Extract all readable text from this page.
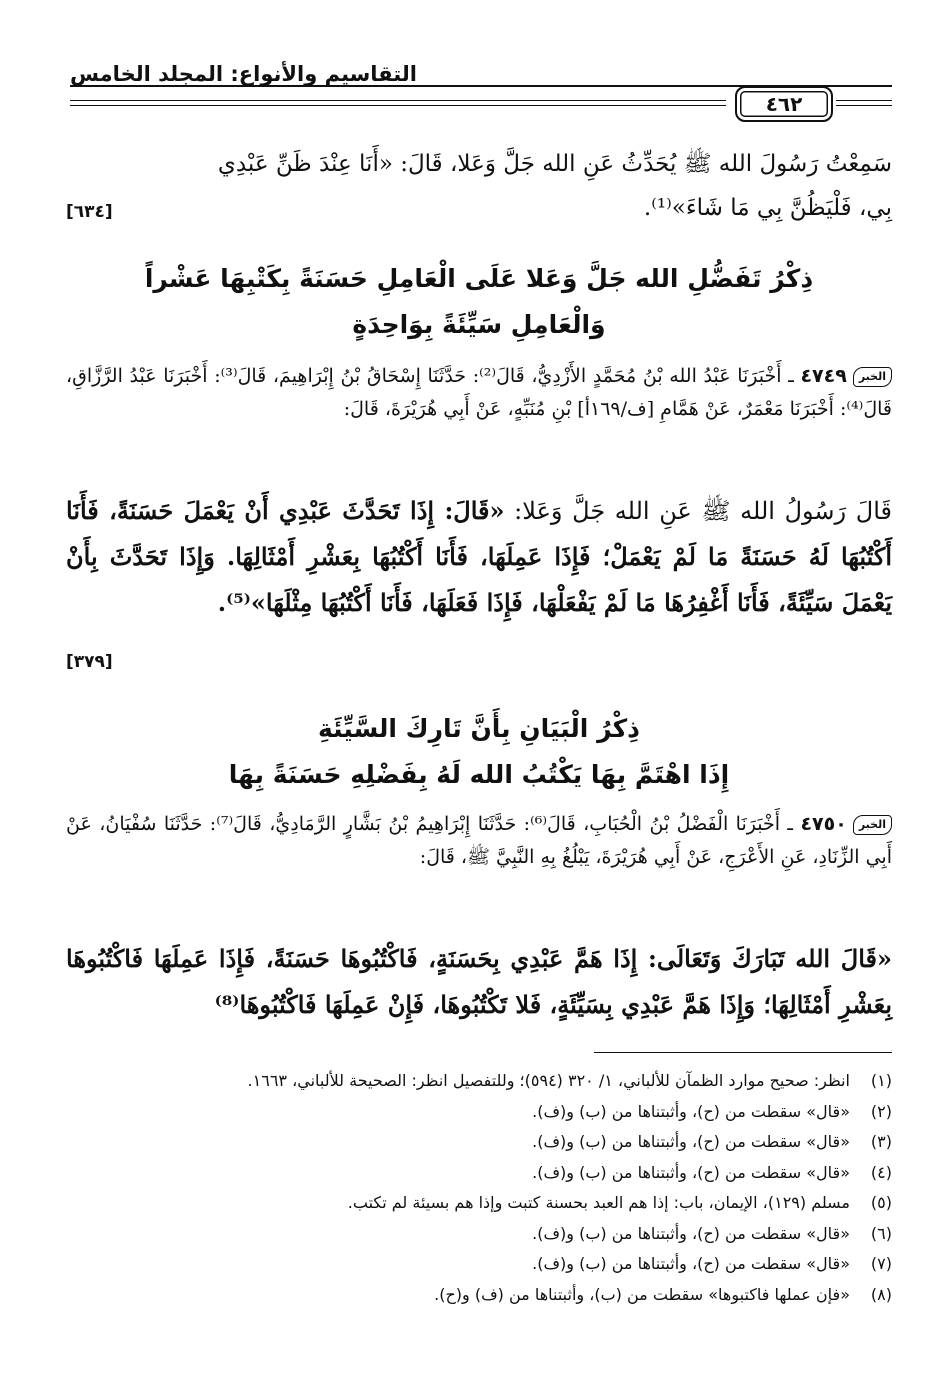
التقاسيم والأنواع: المجلد الخامس
٤٦٢
سَمِعْتُ رَسُولَ الله ﷺ يُحَدِّثُ عَنِ الله جَلَّ وَعَلا، قَالَ: «أَنَا عِنْدَ ظَنِّ عَبْدِي
بِي، فَلْيَظُنَّ بِي مَا شَاءَ»⁽¹⁾.
[٦٣٤]
ذِكْرُ تَفَضُّلِ الله جَلَّ وَعَلا عَلَى الْعَامِلِ حَسَنَةً بِكَتْبِهَا عَشْراً
وَالْعَامِلِ سَيِّئَةً بِوَاحِدَةٍ
الخبر٤٧٤٩ ـ أَخْبَرَنَا عَبْدُ الله بْنُ مُحَمَّدٍ الأَزْدِيُّ، قَالَ⁽²⁾: حَدَّثَنَا إِسْحَاقُ بْنُ إِبْرَاهِيمَ، قَالَ⁽³⁾: أَخْبَرَنَا عَبْدُ الرَّزَّاقِ، قَالَ⁽⁴⁾: أَخْبَرَنَا مَعْمَرٌ، عَنْ هَمَّامِ [ف/١٦٩أ] بْنِ مُنَبِّهٍ، عَنْ أَبِي هُرَيْرَةَ، قَالَ:
قَالَ رَسُولُ الله ﷺ عَنِ الله جَلَّ وَعَلا: «قَالَ: إِذَا تَحَدَّثَ عَبْدِي أَنْ يَعْمَلَ حَسَنَةً، فَأَنَا أَكْتُبُهَا لَهُ حَسَنَةً مَا لَمْ يَعْمَلْ؛ فَإِذَا عَمِلَهَا، فَأَنَا أَكْتُبُهَا بِعَشْرِ أَمْثَالِهَا. وَإِذَا تَحَدَّثَ بِأَنْ يَعْمَلَ سَيِّئَةً، فَأَنَا أَغْفِرُهَا مَا لَمْ يَفْعَلْهَا، فَإِذَا فَعَلَهَا، فَأَنَا أَكْتُبُهَا مِثْلَهَا»⁽⁵⁾.
[٣٧٩]
ذِكْرُ الْبَيَانِ بِأَنَّ تَارِكَ السَّيِّئَةِ
إِذَا اهْتَمَّ بِهَا يَكْتُبُ الله لَهُ بِفَضْلِهِ حَسَنَةً بِهَا
الخبر٤٧٥٠ ـ أَخْبَرَنَا الْفَضْلُ بْنُ الْحُبَابِ، قَالَ⁽⁶⁾: حَدَّثَنَا إِبْرَاهِيمُ بْنُ بَشَّارٍ الرَّمَادِيُّ، قَالَ⁽⁷⁾: حَدَّثَنَا سُفْيَانُ، عَنْ أَبِي الزِّنَادِ، عَنِ الأَعْرَجِ، عَنْ أَبِي هُرَيْرَةَ، يَبْلُغُ بِهِ النَّبِيَّ ﷺ، قَالَ:
«قَالَ الله تَبَارَكَ وَتَعَالَى: إِذَا هَمَّ عَبْدِي بِحَسَنَةٍ، فَاكْتُبُوهَا حَسَنَةً، فَإِذَا عَمِلَهَا فَاكْتُبُوهَا بِعَشْرِ أَمْثَالِهَا؛ وَإِذَا هَمَّ عَبْدِي بِسَيِّئَةٍ، فَلا تَكْتُبُوهَا، فَإِنْ عَمِلَهَا فَاكْتُبُوهَا⁽⁸⁾
(١)
انظر: صحيح موارد الظمآن للألباني، ١/ ٣٢٠ (٥٩٤)؛ وللتفصيل انظر: الصحيحة للألباني، ١٦٦٣.
(٢)
«قال» سقطت من (ح)، وأثبتناها من (ب) و(ف).
(٣)
«قال» سقطت من (ح)، وأثبتناها من (ب) و(ف).
(٤)
«قال» سقطت من (ح)، وأثبتناها من (ب) و(ف).
(٥)
مسلم (١٢٩)، الإيمان، باب: إذا هم العبد بحسنة كتبت وإذا هم بسيئة لم تكتب.
(٦)
«قال» سقطت من (ح)، وأثبتناها من (ب) و(ف).
(٧)
«قال» سقطت من (ح)، وأثبتناها من (ب) و(ف).
(٨)
«فإن عملها فاكتبوها» سقطت من (ب)، وأثبتناها من (ف) و(ح).
